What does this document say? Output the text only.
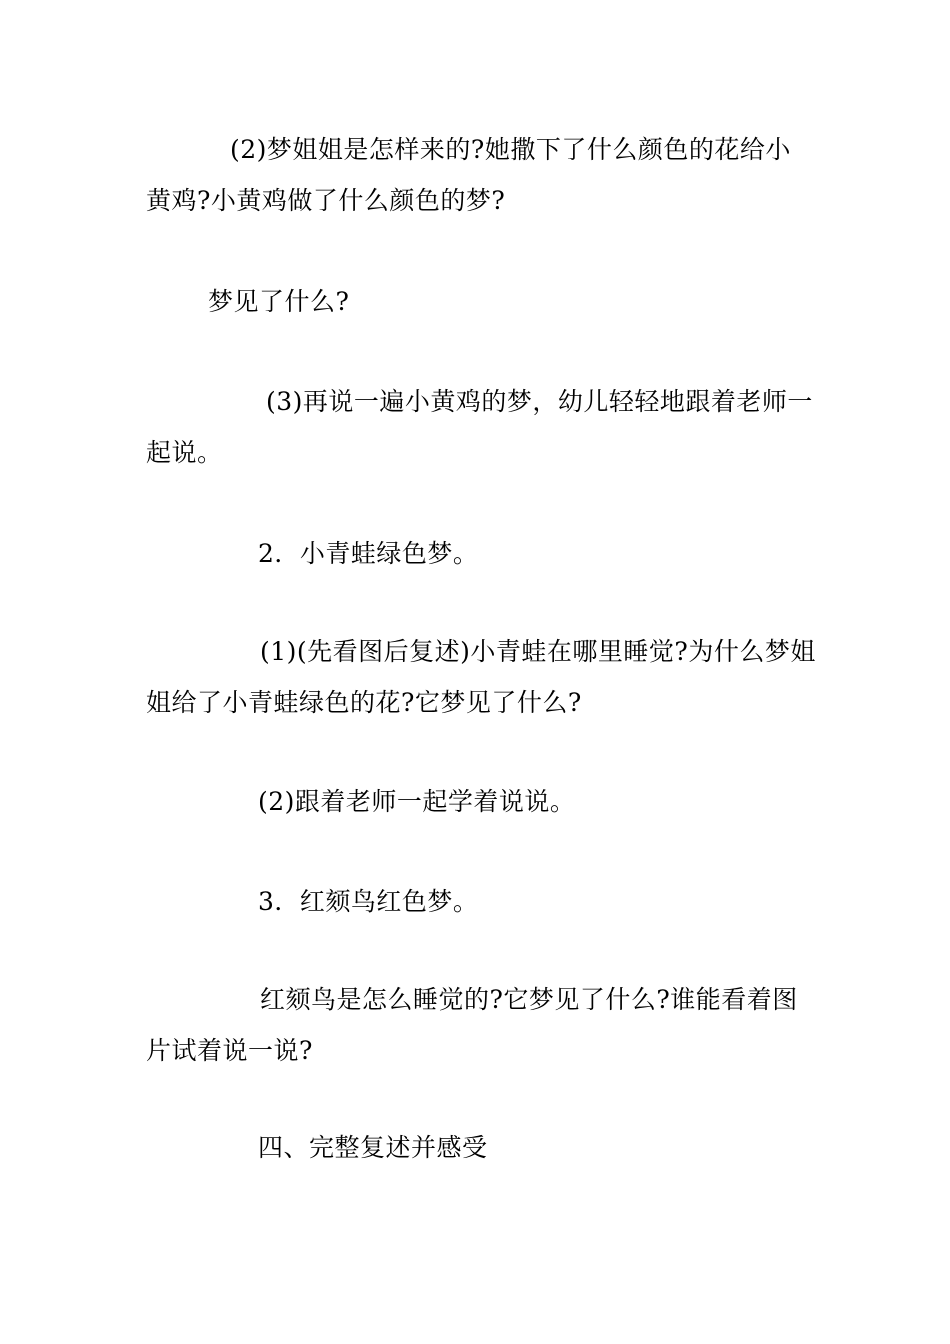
(2)梦姐姐是怎样来的?她撒下了什么颜色的花给小黄鸡?小黄鸡做了什么颜色的梦?

梦见了什么?

(3)再说一遍小黄鸡的梦，幼儿轻轻地跟着老师一起说。

2．小青蛙绿色梦。

(1)(先看图后复述)小青蛙在哪里睡觉?为什么梦姐姐给了小青蛙绿色的花?它梦见了什么?

(2)跟着老师一起学着说说。

3．红颏鸟红色梦。

红颏鸟是怎么睡觉的?它梦见了什么?谁能看着图片试着说一说?

四、完整复述并感受
